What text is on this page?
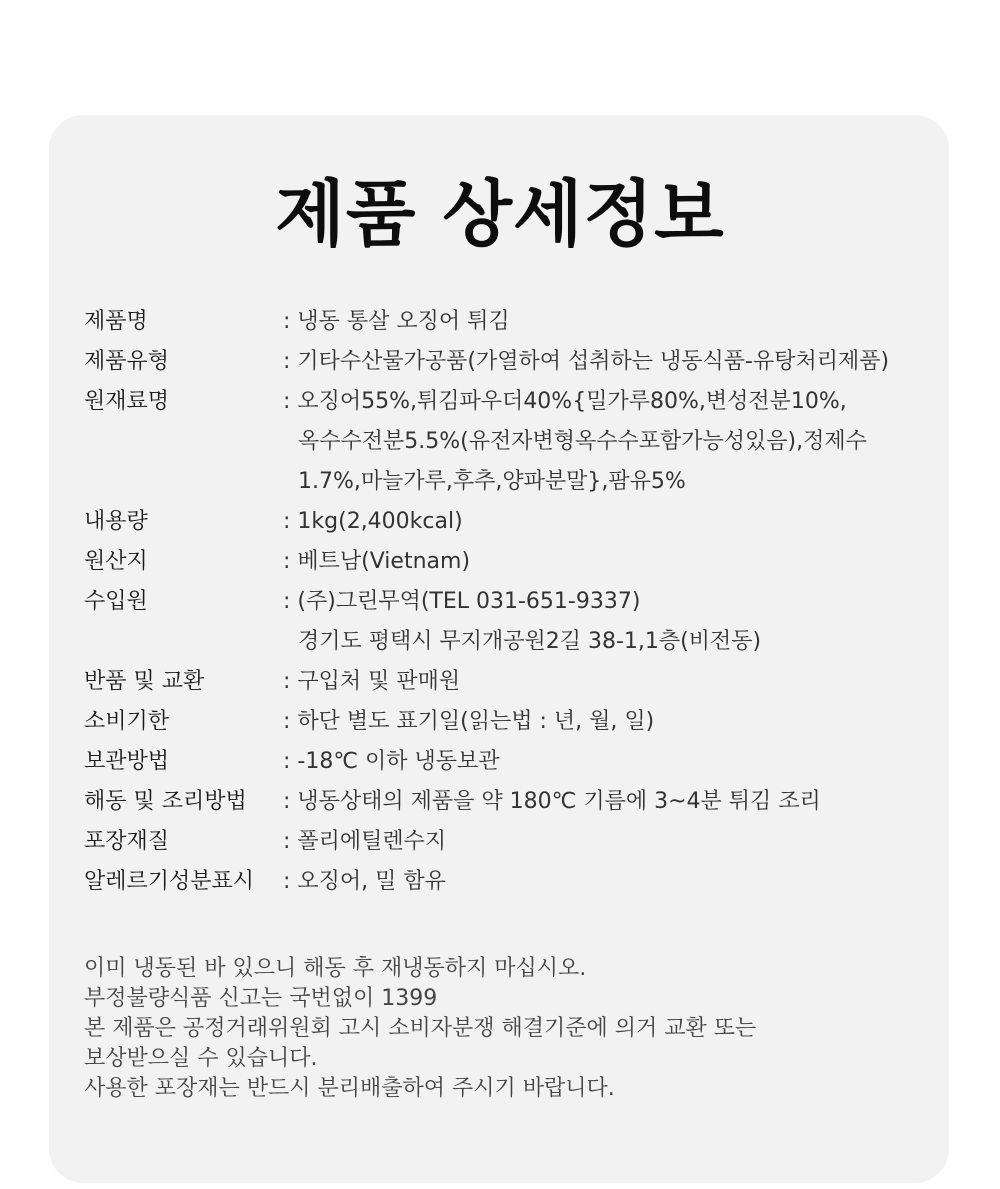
제품 상세정보
제품명	: 냉동 통살 오징어 튀김
제품유형	: 기타수산물가공품(가열하여 섭취하는 냉동식품-유탕처리제품)
원재료명	: 오징어55%,튀김파우더40%{밀가루80%,변성전분10%,
옥수수전분5.5%(유전자변형옥수수포함가능성있음),정제수
1.7%,마늘가루,후추,양파분말},팜유5%
내용량	: 1kg(2,400kcal)
원산지	: 베트남(Vietnam)
수입원	: (주)그린무역(TEL 031-651-9337)
경기도 평택시 무지개공원2길 38-1,1층(비전동)
반품 및 교환	: 구입처 및 판매원
소비기한	: 하단 별도 표기일(읽는법 : 년, 월, 일)
보관방법	: -18℃ 이하 냉동보관
해동 및 조리방법	: 냉동상태의 제품을 약 180℃ 기름에 3~4분 튀김 조리
포장재질	: 폴리에틸렌수지
알레르기성분표시	: 오징어, 밀 함유
이미 냉동된 바 있으니 해동 후 재냉동하지 마십시오.
부정불량식품 신고는 국번없이 1399
본 제품은 공정거래위원회 고시 소비자분쟁 해결기준에 의거 교환 또는
보상받으실 수 있습니다.
사용한 포장재는 반드시 분리배출하여 주시기 바랍니다.
